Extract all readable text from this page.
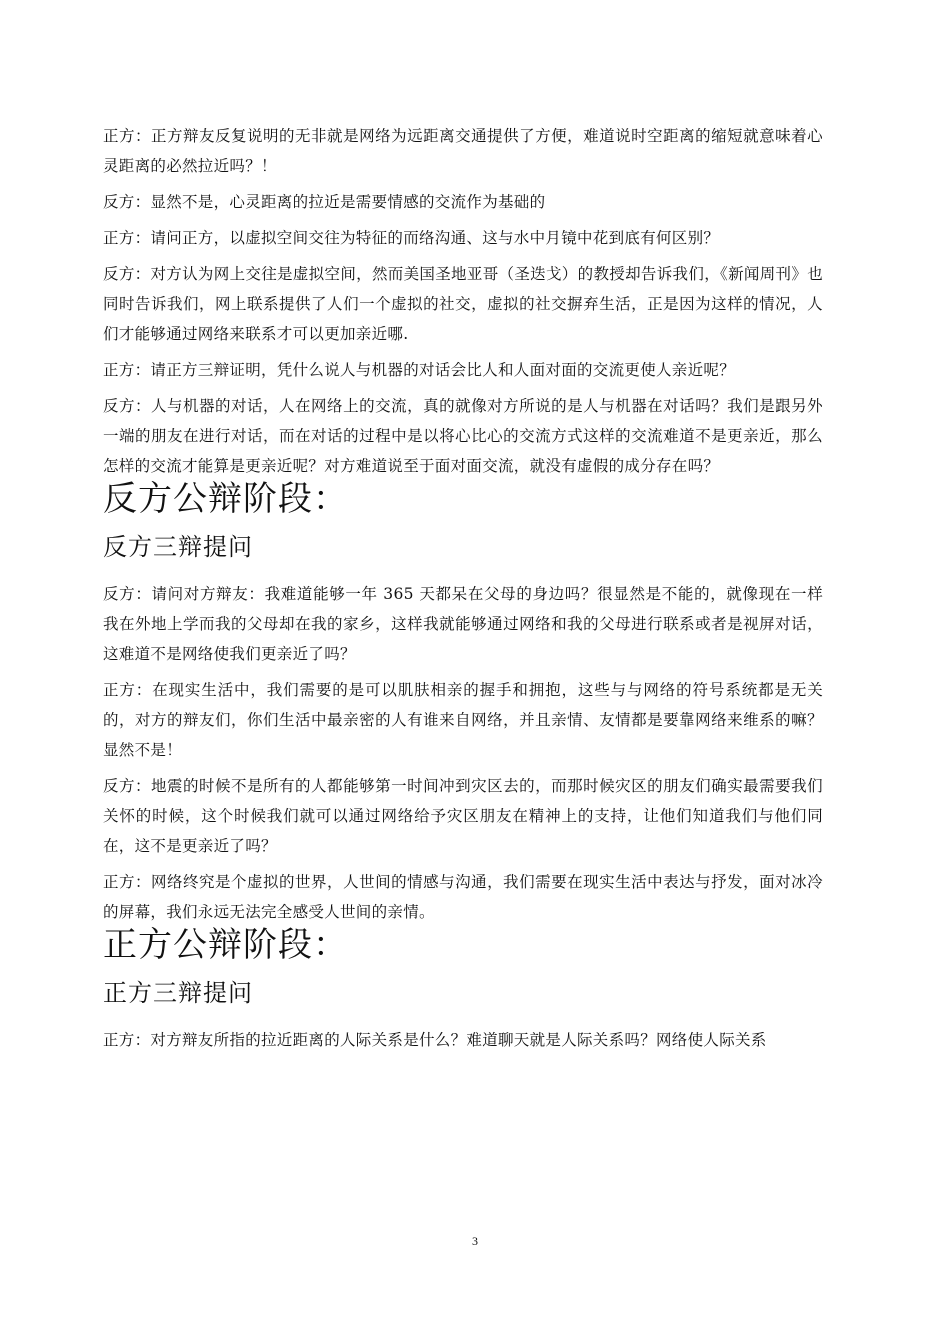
正方：正方辩友反复说明的无非就是网络为远距离交通提供了方便，难道说时空距离的缩短就意味着心灵距离的必然拉近吗？！

反方：显然不是，心灵距离的拉近是需要情感的交流作为基础的

正方：请问正方，以虚拟空间交往为特征的而络沟通、这与水中月镜中花到底有何区别？

反方：对方认为网上交往是虚拟空间，然而美国圣地亚哥（圣迭戈）的教授却告诉我们，《新闻周刊》也同时告诉我们，网上联系提供了人们一个虚拟的社交，虚拟的社交摒弃生活，正是因为这样的情况，人们才能够通过网络来联系才可以更加亲近哪.

正方：请正方三辩证明，凭什么说人与机器的对话会比人和人面对面的交流更使人亲近呢？

反方：人与机器的对话，人在网络上的交流，真的就像对方所说的是人与机器在对话吗？我们是跟另外一端的朋友在进行对话，而在对话的过程中是以将心比心的交流方式这样的交流难道不是更亲近，那么怎样的交流才能算是更亲近呢？对方难道说至于面对面交流，就没有虚假的成分存在吗？

反方公辩阶段：
反方三辩提问

反方：请问对方辩友：我难道能够一年 365 天都呆在父母的身边吗？很显然是不能的，就像现在一样我在外地上学而我的父母却在我的家乡，这样我就能够通过网络和我的父母进行联系或者是视屏对话，这难道不是网络使我们更亲近了吗？

正方：在现实生活中，我们需要的是可以肌肤相亲的握手和拥抱，这些与与网络的符号系统都是无关的，对方的辩友们，你们生活中最亲密的人有谁来自网络，并且亲情、友情都是要靠网络来维系的嘛？显然不是！

反方：地震的时候不是所有的人都能够第一时间冲到灾区去的，而那时候灾区的朋友们确实最需要我们关怀的时候，这个时候我们就可以通过网络给予灾区朋友在精神上的支持，让他们知道我们与他们同在，这不是更亲近了吗？

正方：网络终究是个虚拟的世界，人世间的情感与沟通，我们需要在现实生活中表达与抒发，面对冰冷的屏幕，我们永远无法完全感受人世间的亲情。

正方公辩阶段：
正方三辩提问

正方：对方辩友所指的拉近距离的人际关系是什么？难道聊天就是人际关系吗？网络使人际关系

3
